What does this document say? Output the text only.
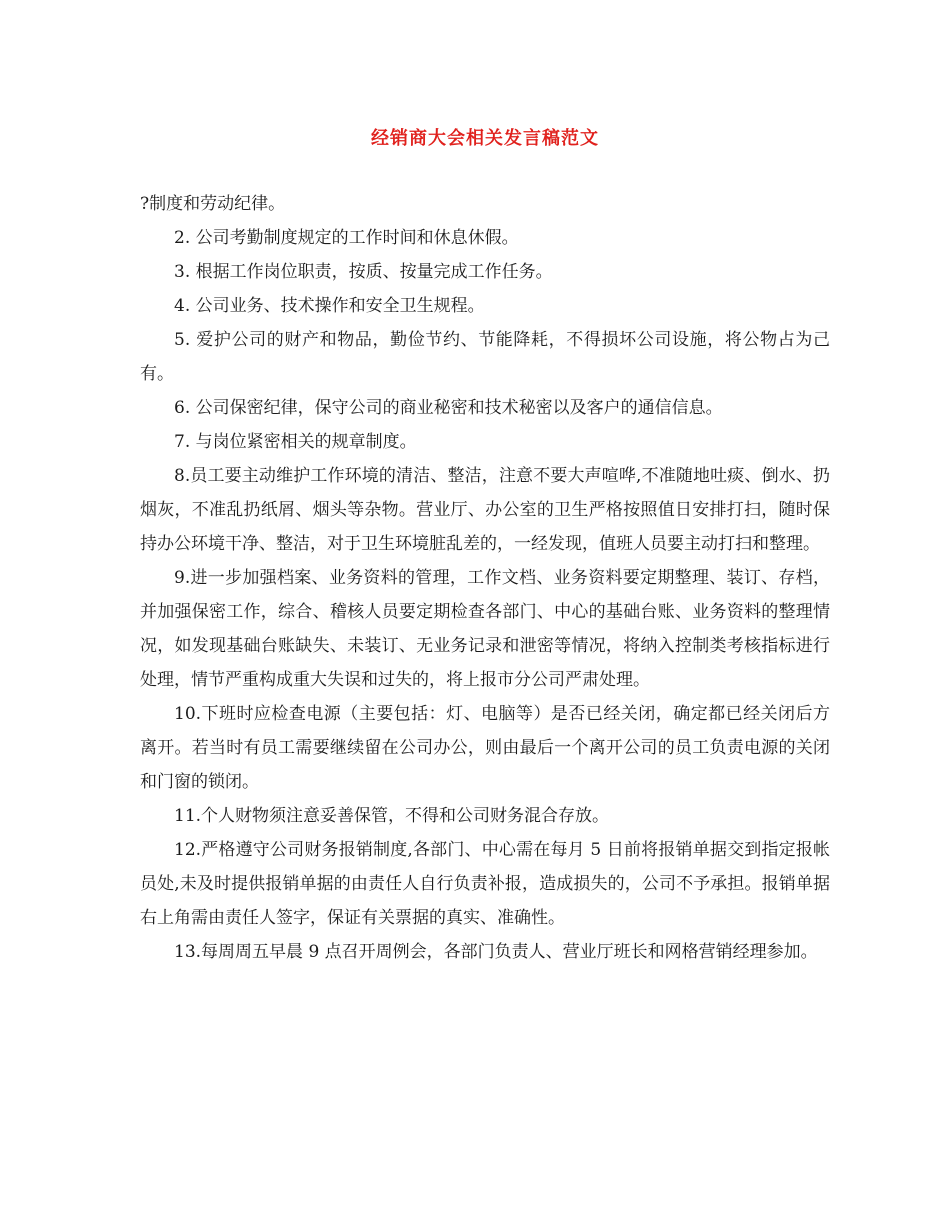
经销商大会相关发言稿范文

?制度和劳动纪律。

2. 公司考勤制度规定的工作时间和休息休假。

3. 根据工作岗位职责，按质、按量完成工作任务。

4. 公司业务、技术操作和安全卫生规程。

5. 爱护公司的财产和物品，勤俭节约、节能降耗，不得损坏公司设施，将公物占为己有。

6. 公司保密纪律，保守公司的商业秘密和技术秘密以及客户的通信信息。

7. 与岗位紧密相关的规章制度。

8.员工要主动维护工作环境的清洁、整洁，注意不要大声喧哗,不准随地吐痰、倒水、扔烟灰，不准乱扔纸屑、烟头等杂物。营业厅、办公室的卫生严格按照值日安排打扫，随时保持办公环境干净、整洁，对于卫生环境脏乱差的，一经发现，值班人员要主动打扫和整理。

9.进一步加强档案、业务资料的管理，工作文档、业务资料要定期整理、装订、存档，并加强保密工作，综合、稽核人员要定期检查各部门、中心的基础台账、业务资料的整理情况，如发现基础台账缺失、未装订、无业务记录和泄密等情况，将纳入控制类考核指标进行处理，情节严重构成重大失误和过失的，将上报市分公司严肃处理。

10.下班时应检查电源（主要包括：灯、电脑等）是否已经关闭，确定都已经关闭后方离开。若当时有员工需要继续留在公司办公，则由最后一个离开公司的员工负责电源的关闭和门窗的锁闭。

11.个人财物须注意妥善保管，不得和公司财务混合存放。

12.严格遵守公司财务报销制度,各部门、中心需在每月 5 日前将报销单据交到指定报帐员处,未及时提供报销单据的由责任人自行负责补报，造成损失的，公司不予承担。报销单据右上角需由责任人签字，保证有关票据的真实、准确性。

13.每周周五早晨 9 点召开周例会，各部门负责人、营业厅班长和网格营销经理参加。
